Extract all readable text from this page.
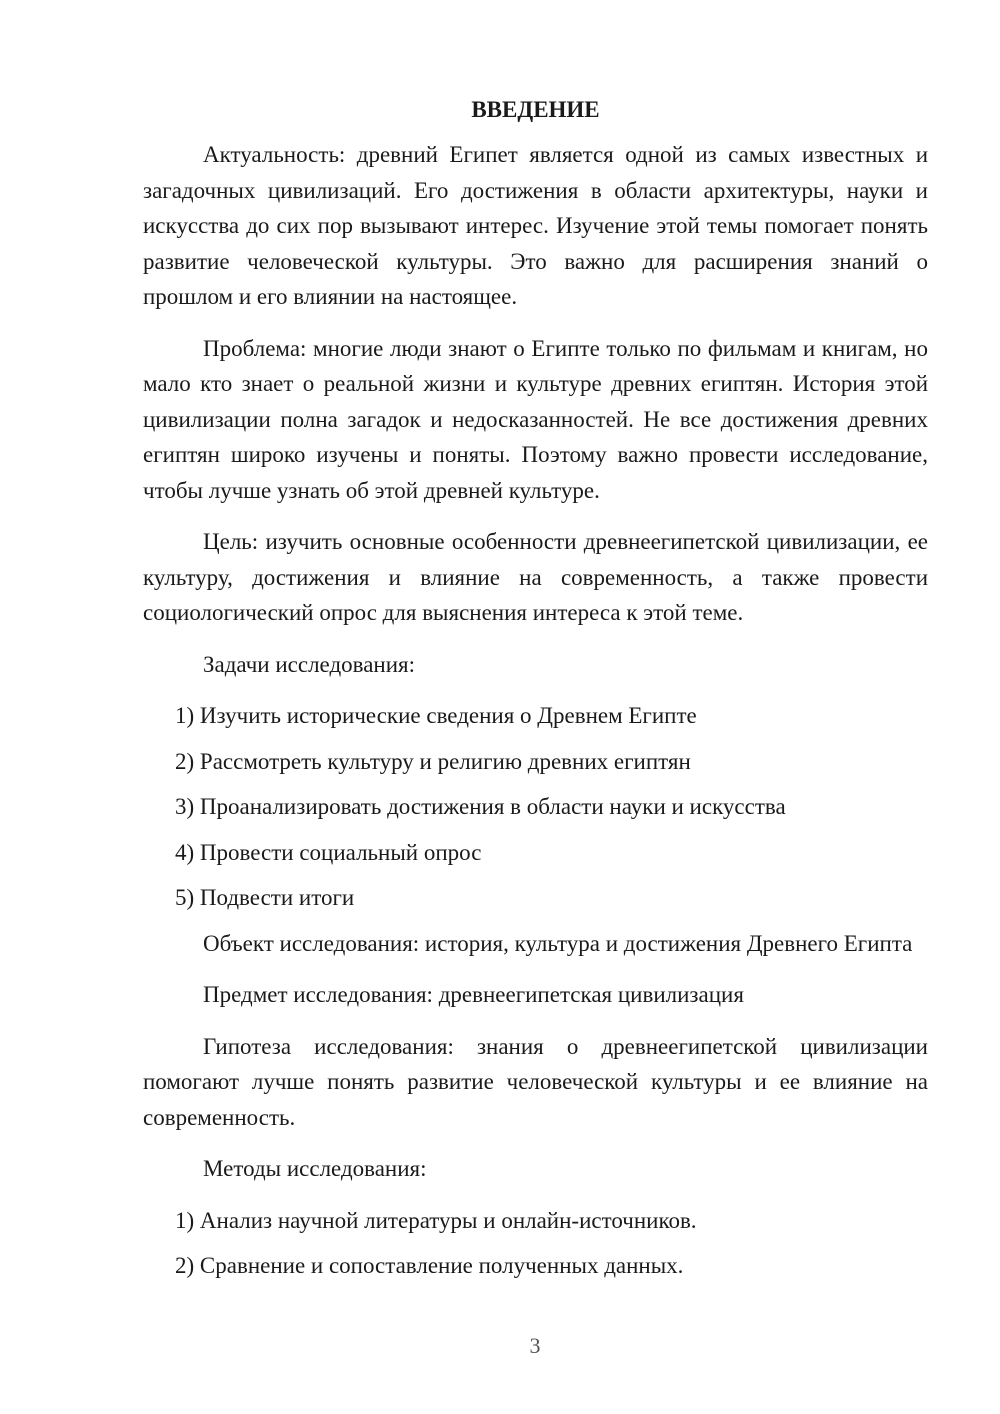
ВВЕДЕНИЕ

Актуальность: древний Египет является одной из самых известных и загадочных цивилизаций. Его достижения в области архитектуры, науки и искусства до сих пор вызывают интерес. Изучение этой темы помогает понять развитие человеческой культуры. Это важно для расширения знаний о прошлом и его влиянии на настоящее.

Проблема: многие люди знают о Египте только по фильмам и книгам, но мало кто знает о реальной жизни и культуре древних египтян. История этой цивилизации полна загадок и недосказанностей. Не все достижения древних египтян широко изучены и поняты. Поэтому важно провести исследование, чтобы лучше узнать об этой древней культуре.

Цель: изучить основные особенности древнеегипетской цивилизации, ее культуру, достижения и влияние на современность, а также провести социологический опрос для выяснения интереса к этой теме.

Задачи исследования:

1) Изучить исторические сведения о Древнем Египте
2) Рассмотреть культуру и религию древних египтян
3) Проанализировать достижения в области науки и искусства
4) Провести социальный опрос
5) Подвести итоги

Объект исследования: история, культура и достижения Древнего Египта

Предмет исследования: древнеегипетская цивилизация

Гипотеза исследования: знания о древнеегипетской цивилизации помогают лучше понять развитие человеческой культуры и ее влияние на современность.

Методы исследования:

1) Анализ научной литературы и онлайн-источников.
2) Сравнение и сопоставление полученных данных.
3
